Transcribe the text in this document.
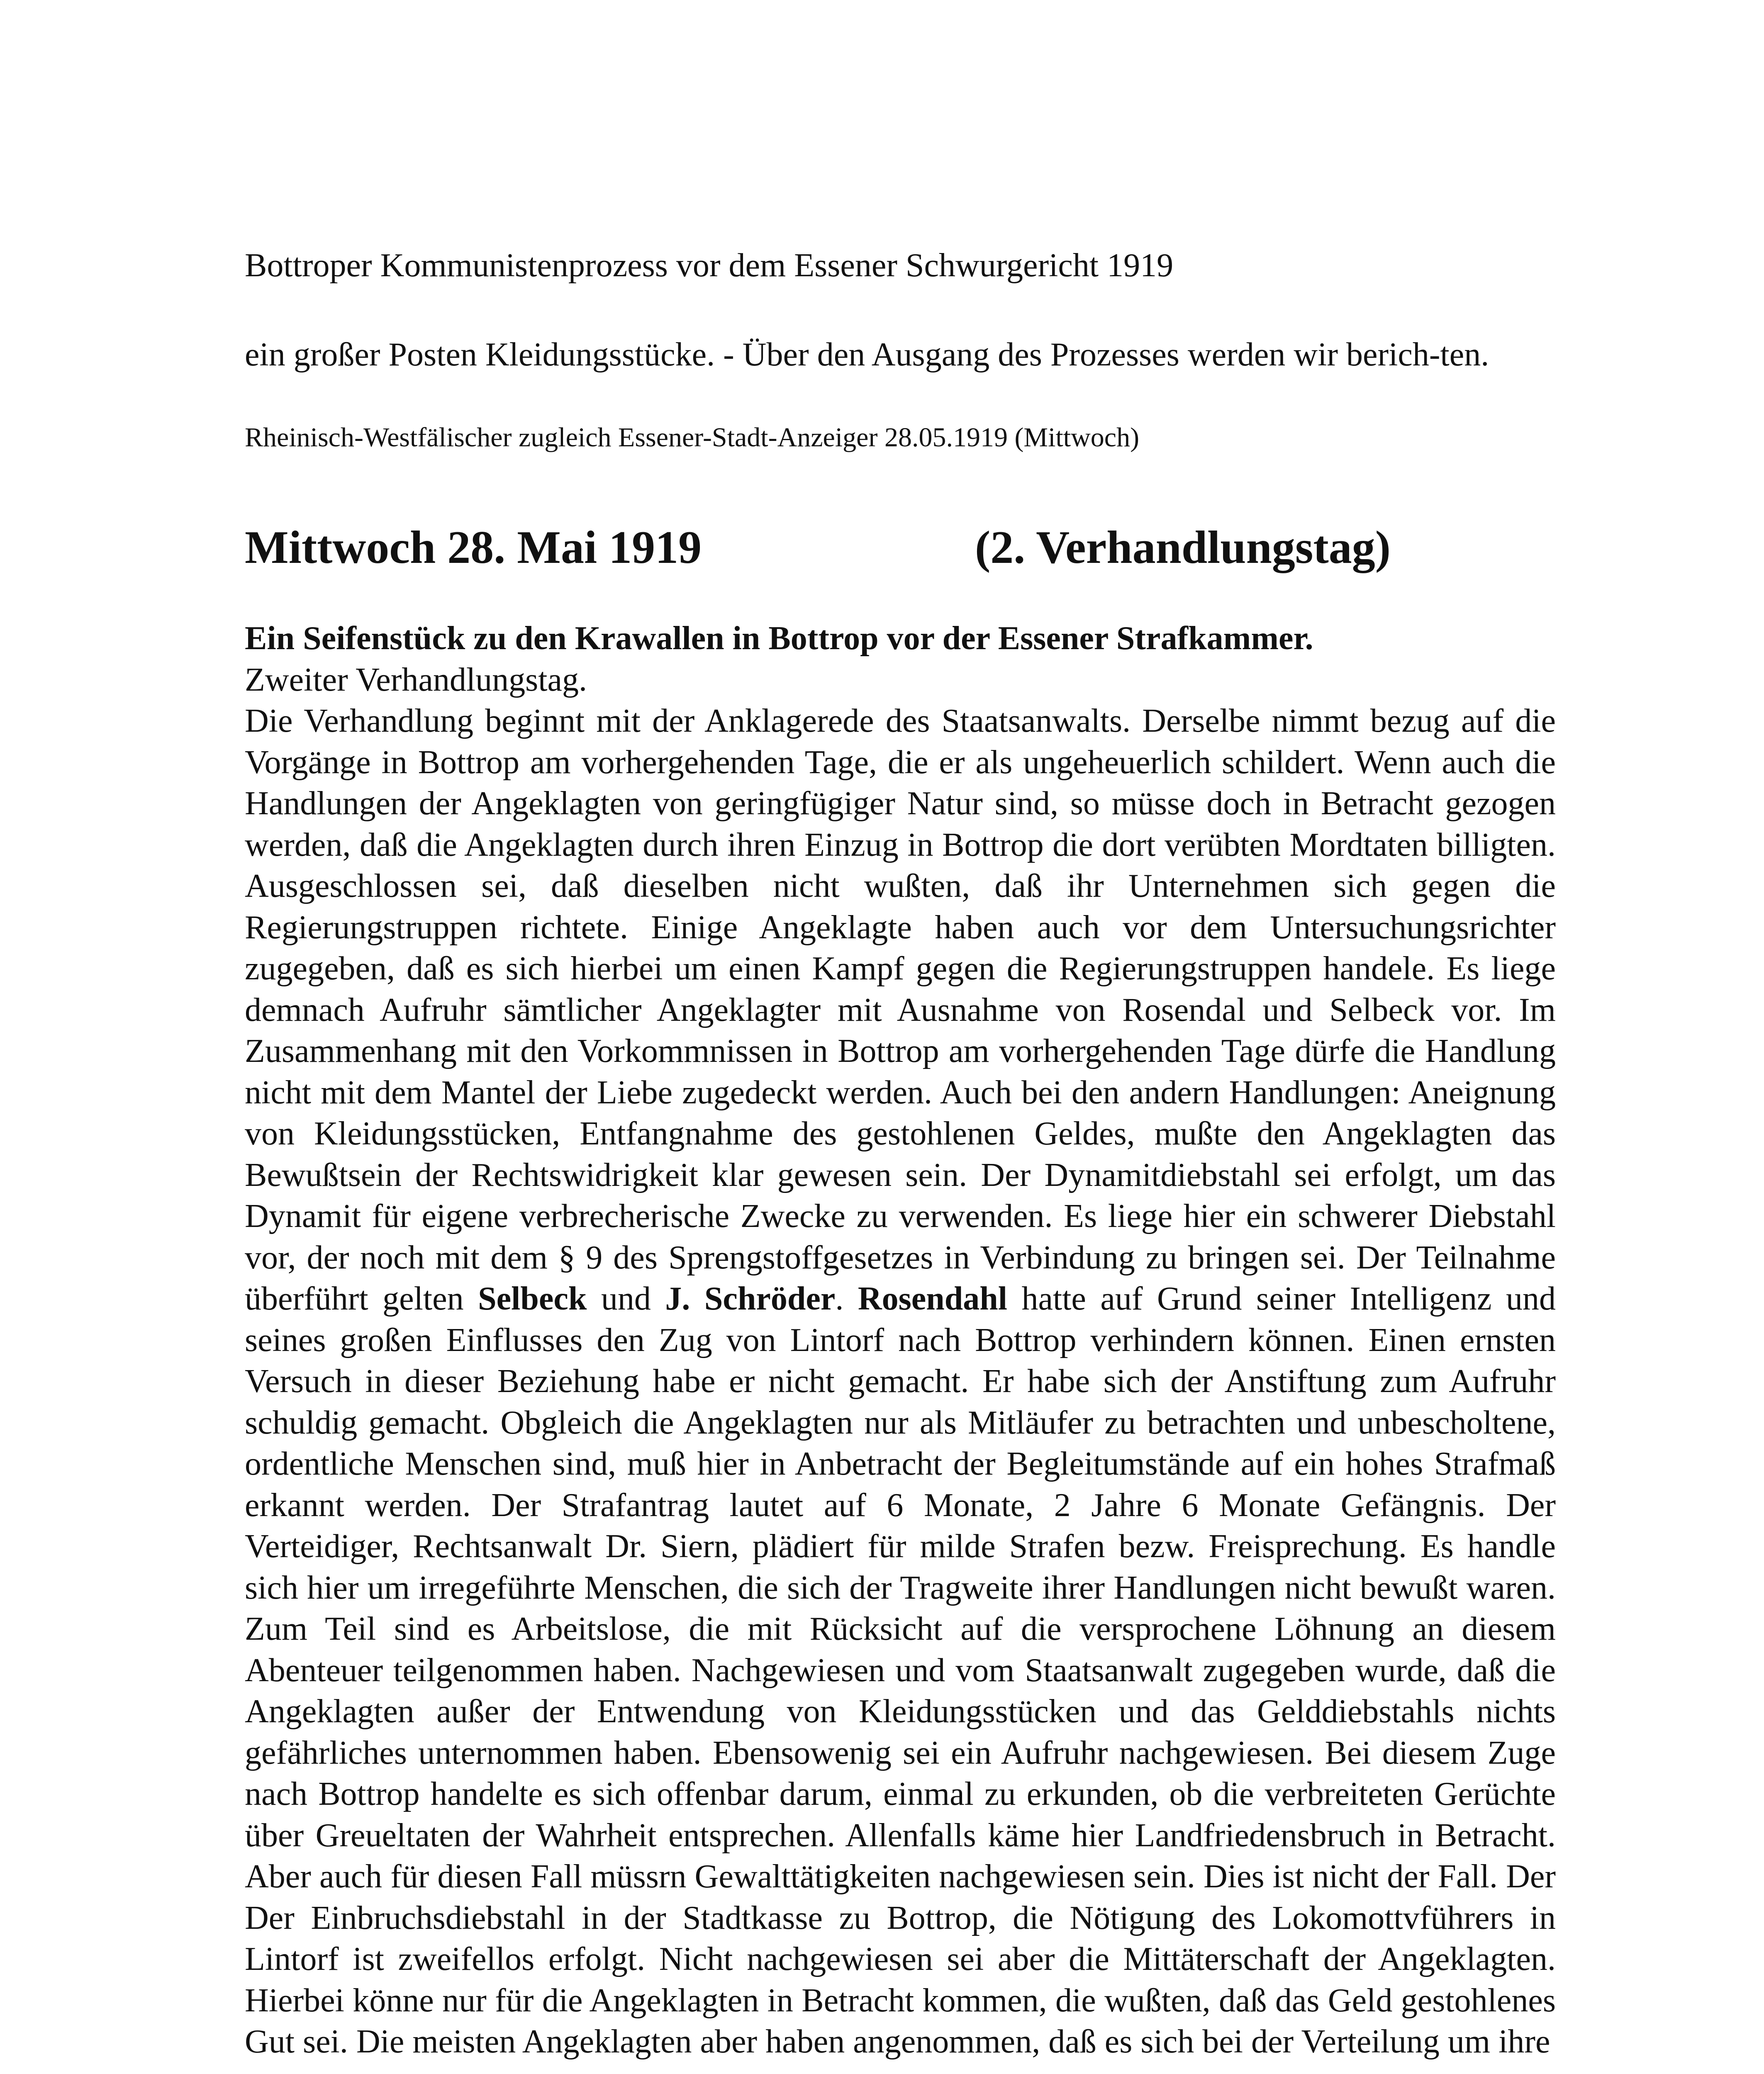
Bottroper Kommunistenprozess vor dem Essener Schwurgericht 1919
ein großer Posten Kleidungsstücke. - Über den Ausgang des Prozesses werden wir berich-ten.
Rheinisch-Westfälischer zugleich Essener-Stadt-Anzeiger 28.05.1919 (Mittwoch)
Mittwoch 28. Mai 1919	(2. Verhandlungstag)

Ein Seifenstück zu den Krawallen in Bottrop vor der Essener Strafkammer.

Zweiter Verhandlungstag.

Die Verhandlung beginnt mit der Anklagerede des Staatsanwalts. Derselbe nimmt bezug auf die Vorgänge in Bottrop am vorhergehenden Tage, die er als ungeheuerlich schildert. Wenn auch die Handlungen der Angeklagten von geringfügiger Natur sind, so müsse doch in Betracht gezogen werden, daß die Angeklagten durch ihren Einzug in Bottrop die dort verübten Mordtaten billigten. Ausgeschlossen sei, daß dieselben nicht wußten, daß ihr Unternehmen sich gegen die Regierungstruppen richtete. Einige Angeklagte haben auch vor dem Untersuchungsrichter zugegeben, daß es sich hierbei um einen Kampf gegen die Regierungstruppen handele. Es liege demnach Aufruhr sämtlicher Angeklagter mit Ausnahme von Rosendal und Selbeck vor. Im Zusammenhang mit den Vorkommnissen in Bottrop am vorhergehenden Tage dürfe die Handlung nicht mit dem Mantel der Liebe zugedeckt werden. Auch bei den andern Handlungen: Aneignung von Kleidungsstücken, Entfangnahme des gestohlenen Geldes, mußte den Angeklagten das Bewußtsein der Rechtswidrigkeit klar gewesen sein. Der Dynamitdiebstahl sei erfolgt, um das Dynamit für eigene verbrecherische Zwecke zu verwenden. Es liege hier ein schwerer Diebstahl vor, der noch mit dem § 9 des Sprengstoffgesetzes in Verbindung zu bringen sei. Der Teilnahme überführt gelten Selbeck und J. Schröder. Rosendahl hatte auf Grund seiner Intelligenz und seines großen Einflusses den Zug von Lintorf nach Bottrop verhindern können. Einen ernsten Versuch in dieser Beziehung habe er nicht gemacht. Er habe sich der Anstiftung zum Aufruhr schuldig gemacht. Obgleich die Angeklagten nur als Mitläufer zu betrachten und unbescholtene, ordentliche Menschen sind, muß hier in Anbetracht der Begleitumstände auf ein hohes Strafmaß erkannt werden. Der Strafantrag lautet auf 6 Monate, 2 Jahre 6 Monate Gefängnis. Der Verteidiger, Rechtsanwalt Dr. Siern, plädiert für milde Strafen bezw. Freisprechung. Es handle sich hier um irregeführte Menschen, die sich der Tragweite ihrer Handlungen nicht bewußt waren. Zum Teil sind es Arbeitslose, die mit Rücksicht auf die versprochene Löhnung an diesem Abenteuer teilgenommen haben. Nachgewiesen und vom Staatsanwalt zugegeben wurde, daß die Angeklagten außer der Entwendung von Kleidungsstücken und das Gelddiebstahls nichts gefährliches unternommen haben. Ebensowenig sei ein Aufruhr nachgewiesen. Bei diesem Zuge nach Bottrop handelte es sich offenbar darum, einmal zu erkunden, ob die verbreiteten Gerüchte über Greueltaten der Wahrheit entsprechen. Allenfalls käme hier Landfriedensbruch in Betracht. Aber auch für diesen Fall müssrn Gewalttätigkeiten nachgewiesen sein. Dies ist nicht der Fall. Der Der Einbruchsdiebstahl in der Stadtkasse zu Bottrop, die Nötigung des Lokomottvführers in Lintorf ist zweifellos erfolgt. Nicht nachgewiesen sei aber die Mittäterschaft der Angeklagten. Hierbei könne nur für die Angeklagten in Betracht kommen, die wußten, daß das Geld gestohlenes Gut sei. Die meisten Angeklagten aber haben angenommen, daß es sich bei der Verteilung um ihre
